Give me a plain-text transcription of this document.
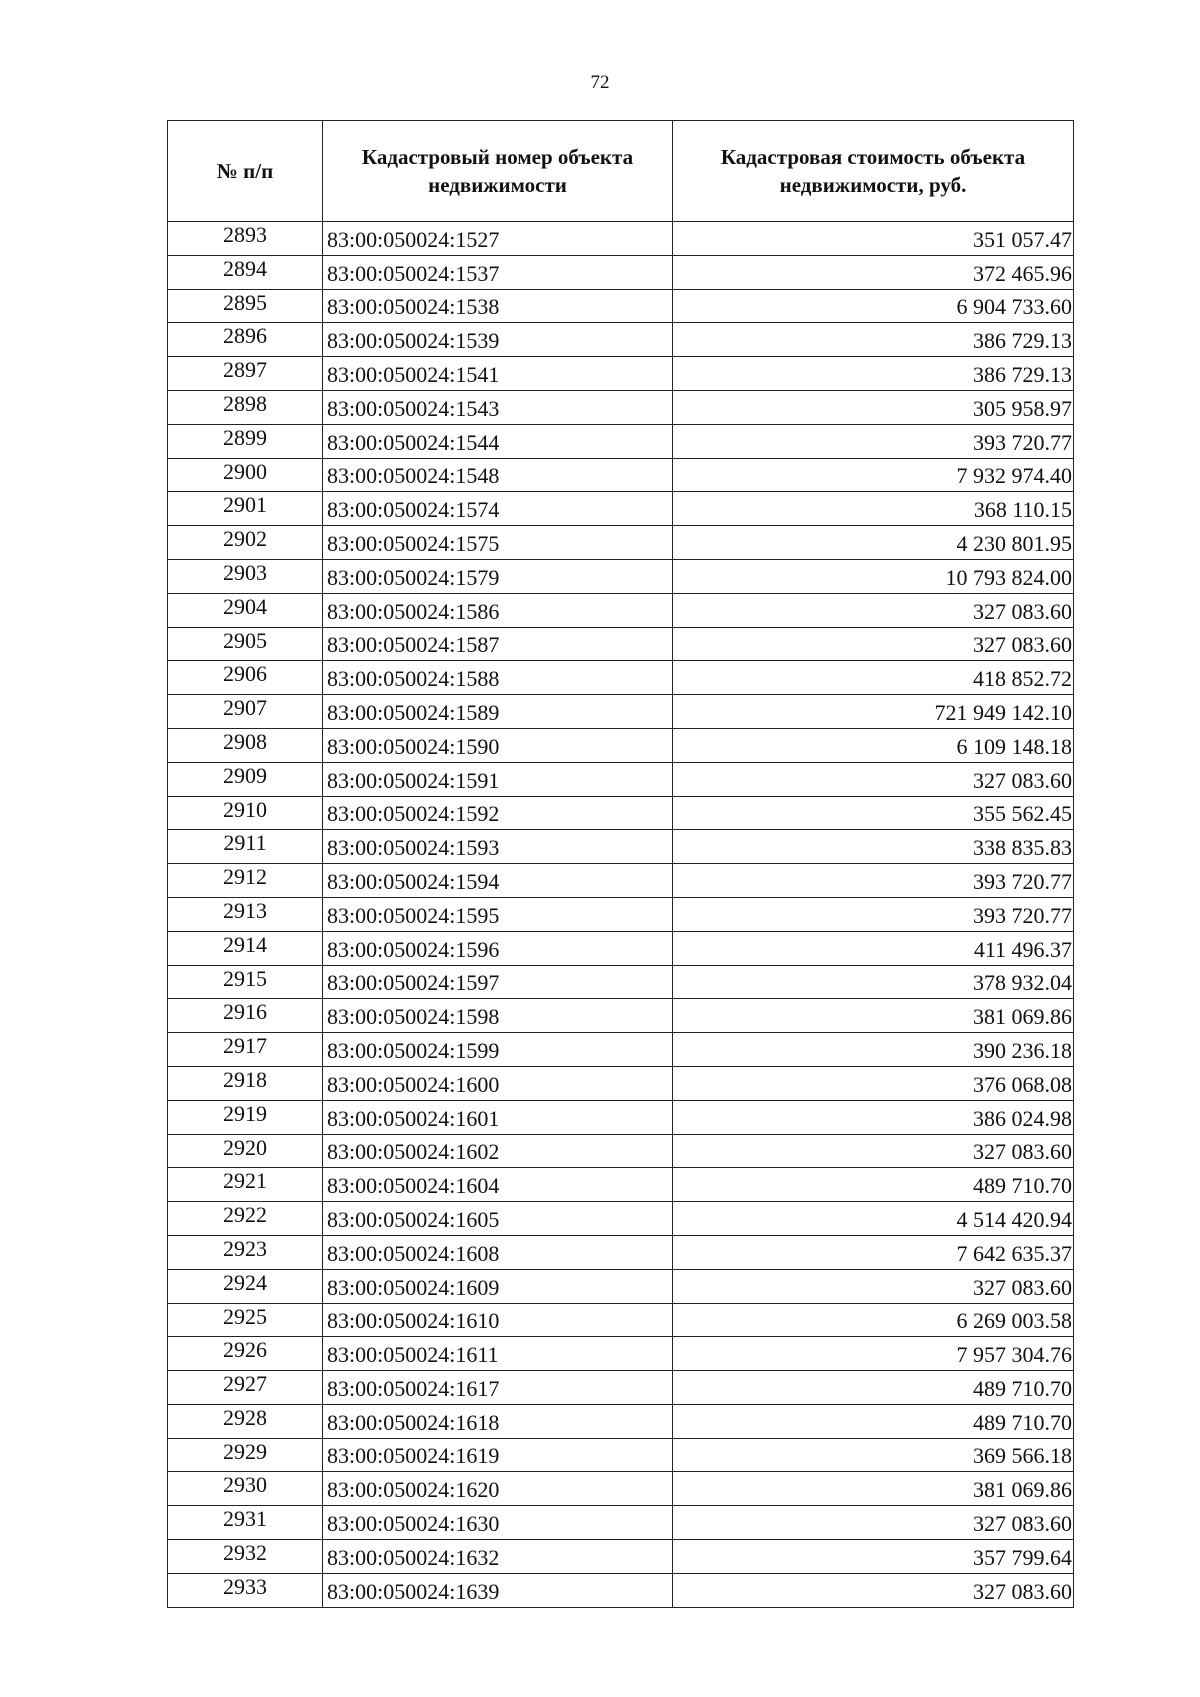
72
№ п/п	Кадастровый номер объекта недвижимости	Кадастровая стоимость объекта недвижимости, руб.
2893	83:00:050024:1527	351 057.47
2894	83:00:050024:1537	372 465.96
2895	83:00:050024:1538	6 904 733.60
2896	83:00:050024:1539	386 729.13
2897	83:00:050024:1541	386 729.13
2898	83:00:050024:1543	305 958.97
2899	83:00:050024:1544	393 720.77
2900	83:00:050024:1548	7 932 974.40
2901	83:00:050024:1574	368 110.15
2902	83:00:050024:1575	4 230 801.95
2903	83:00:050024:1579	10 793 824.00
2904	83:00:050024:1586	327 083.60
2905	83:00:050024:1587	327 083.60
2906	83:00:050024:1588	418 852.72
2907	83:00:050024:1589	721 949 142.10
2908	83:00:050024:1590	6 109 148.18
2909	83:00:050024:1591	327 083.60
2910	83:00:050024:1592	355 562.45
2911	83:00:050024:1593	338 835.83
2912	83:00:050024:1594	393 720.77
2913	83:00:050024:1595	393 720.77
2914	83:00:050024:1596	411 496.37
2915	83:00:050024:1597	378 932.04
2916	83:00:050024:1598	381 069.86
2917	83:00:050024:1599	390 236.18
2918	83:00:050024:1600	376 068.08
2919	83:00:050024:1601	386 024.98
2920	83:00:050024:1602	327 083.60
2921	83:00:050024:1604	489 710.70
2922	83:00:050024:1605	4 514 420.94
2923	83:00:050024:1608	7 642 635.37
2924	83:00:050024:1609	327 083.60
2925	83:00:050024:1610	6 269 003.58
2926	83:00:050024:1611	7 957 304.76
2927	83:00:050024:1617	489 710.70
2928	83:00:050024:1618	489 710.70
2929	83:00:050024:1619	369 566.18
2930	83:00:050024:1620	381 069.86
2931	83:00:050024:1630	327 083.60
2932	83:00:050024:1632	357 799.64
2933	83:00:050024:1639	327 083.60
